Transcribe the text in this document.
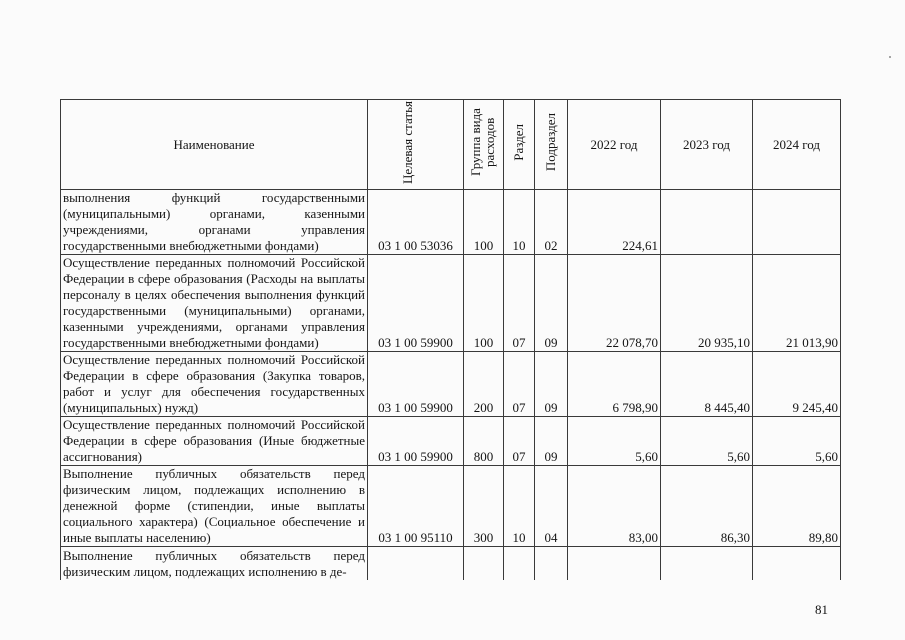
Наименование	Целевая статья	Группа вида расходов	Раздел	Подраздел	2022 год	2023 год	2024 год
выполнения функций государственными (муниципальными) органами, казенными учреждениями, органами управления государственными внебюджетными фондами)	03 1 00 53036	100	10	02	224,61		
Осуществление переданных полномочий Российской Федерации в сфере образования (Расходы на выплаты персоналу в целях обеспечения выполнения функций государственными (муниципальными) органами, казенными учреждениями, органами управления государственными внебюджетными фондами)	03 1 00 59900	100	07	09	22 078,70	20 935,10	21 013,90
Осуществление переданных полномочий Российской Федерации в сфере образования (Закупка товаров, работ и услуг для обеспечения государственных (муниципальных) нужд)	03 1 00 59900	200	07	09	6 798,90	8 445,40	9 245,40
Осуществление переданных полномочий Российской Федерации в сфере образования (Иные бюджетные ассигнования)	03 1 00 59900	800	07	09	5,60	5,60	5,60
Выполнение публичных обязательств перед физическим лицом, подлежащих исполнению в денежной форме (стипендии, иные выплаты социального характера) (Социальное обеспечение и иные выплаты населению)	03 1 00 95110	300	10	04	83,00	86,30	89,80
Выполнение публичных обязательств перед физическим лицом, подлежащих исполнению в де-							
81
